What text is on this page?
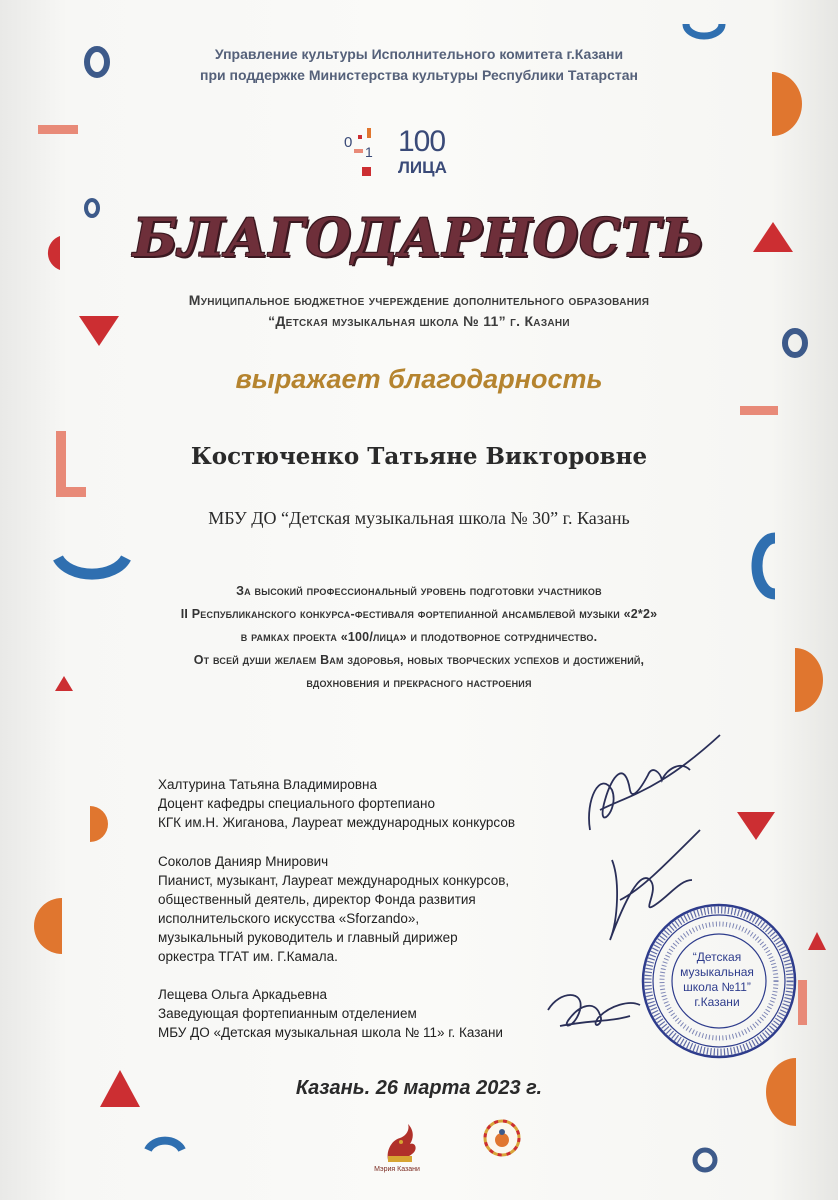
Управление культуры Исполнительного комитета г.Казани
при поддержке Министерства культуры Республики Татарстан
0
1 100
ЛИЦА
БЛАГОДАРНОСТЬ
Муниципальное бюджетное учереждение дополнительного образования
“Детская музыкальная школа № 11” г. Казани
выражает благодарность
Костюченко Татьяне Викторовне
МБУ ДО “Детская музыкальная школа № 30” г. Казань
За высокий профессиональный уровень подготовки участников
II Республиканского конкурса-фестиваля фортепианной ансамблевой музыки «2*2»
в рамках проекта «100/лица» и плодотворное сотрудничество.
От всей души желаем Вам здоровья, новых творческих успехов и достижений,
вдохновения и прекрасного настроения
Халтурина Татьяна Владимировна
Доцент кафедры специального фортепиано
КГК им.Н. Жиганова, Лауреат международных конкурсов
Соколов Данияр Мнирович
Пианист, музыкант, Лауреат международных конкурсов,
общественный деятель, директор Фонда развития
исполнительского искусства «Sforzando»,
музыкальный руководитель и главный дирижер
оркестра ТГАТ им. Г.Камала.
Лещева Ольга Аркадьевна
Заведующая фортепианным отделением
МБУ ДО «Детская музыкальная школа № 11» г. Казани
“Детская
музыкальная
школа №11”
г.Казани
Казань. 26 марта 2023 г.
Мэрия Казани
